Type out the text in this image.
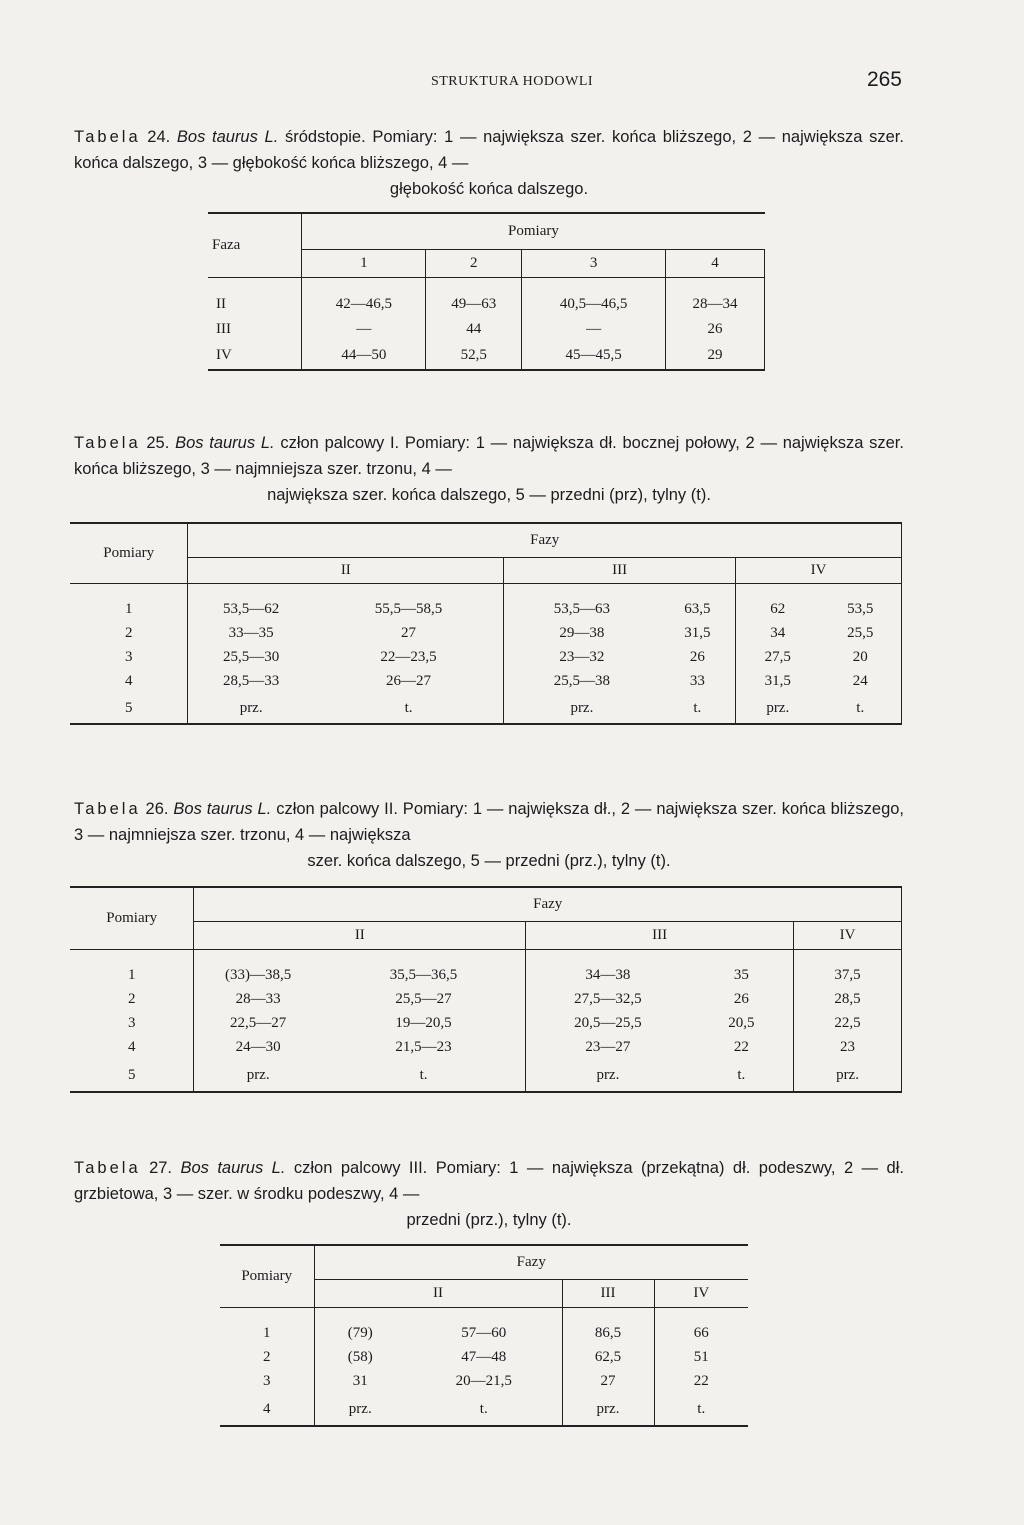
STRUKTURA HODOWLI	265
Tabela 24. Bos taurus L. śródstopie. Pomiary: 1 — największa szer. końca bliższego, 2 — największa szer. końca dalszego, 3 — głębokość końca bliższego, 4 —
głębokość końca dalszego.
Faza	Pomiary			
	1	2	3	4

II	42—46,5	49—63	40,5—46,5	28—34
III	—	44	—	26
IV	44—50	52,5	45—45,5	29
Tabela 25. Bos taurus L. człon palcowy I. Pomiary: 1 — największa dł. bocznej połowy, 2 — największa szer. końca bliższego, 3 — najmniejsza szer. trzonu, 4 —
największa szer. końca dalszego, 5 — przedni (prz), tylny (t).
Pomiary	Fazy					
	II		III		IV	

1	53,5—62	55,5—58,5	53,5—63	63,5	62	53,5
2	33—35	27	29—38	31,5	34	25,5
3	25,5—30	22—23,5	23—32	26	27,5	20
4	28,5—33	26—27	25,5—38	33	31,5	24
5	prz.	t.	prz.	t.	prz.	t.
Tabela 26. Bos taurus L. człon palcowy II. Pomiary: 1 — największa dł., 2 — największa szer. końca bliższego, 3 — najmniejsza szer. trzonu, 4 — największa
szer. końca dalszego, 5 — przedni (prz.), tylny (t).
Pomiary	Fazy				
	II		III		IV

1	(33)—38,5	35,5—36,5	34—38	35	37,5
2	28—33	25,5—27	27,5—32,5	26	28,5
3	22,5—27	19—20,5	20,5—25,5	20,5	22,5
4	24—30	21,5—23	23—27	22	23
5	prz.	t.	prz.	t.	prz.
Tabela 27. Bos taurus L. człon palcowy III. Pomiary: 1 — największa (przekątna) dł. podeszwy, 2 — dł. grzbietowa, 3 — szer. w środku podeszwy, 4 —
przedni (prz.), tylny (t).
Pomiary	Fazy			
	II		III	IV

1	(79)	57—60	86,5	66
2	(58)	47—48	62,5	51
3	31	20—21,5	27	22
4	prz.	t.	prz.	t.
